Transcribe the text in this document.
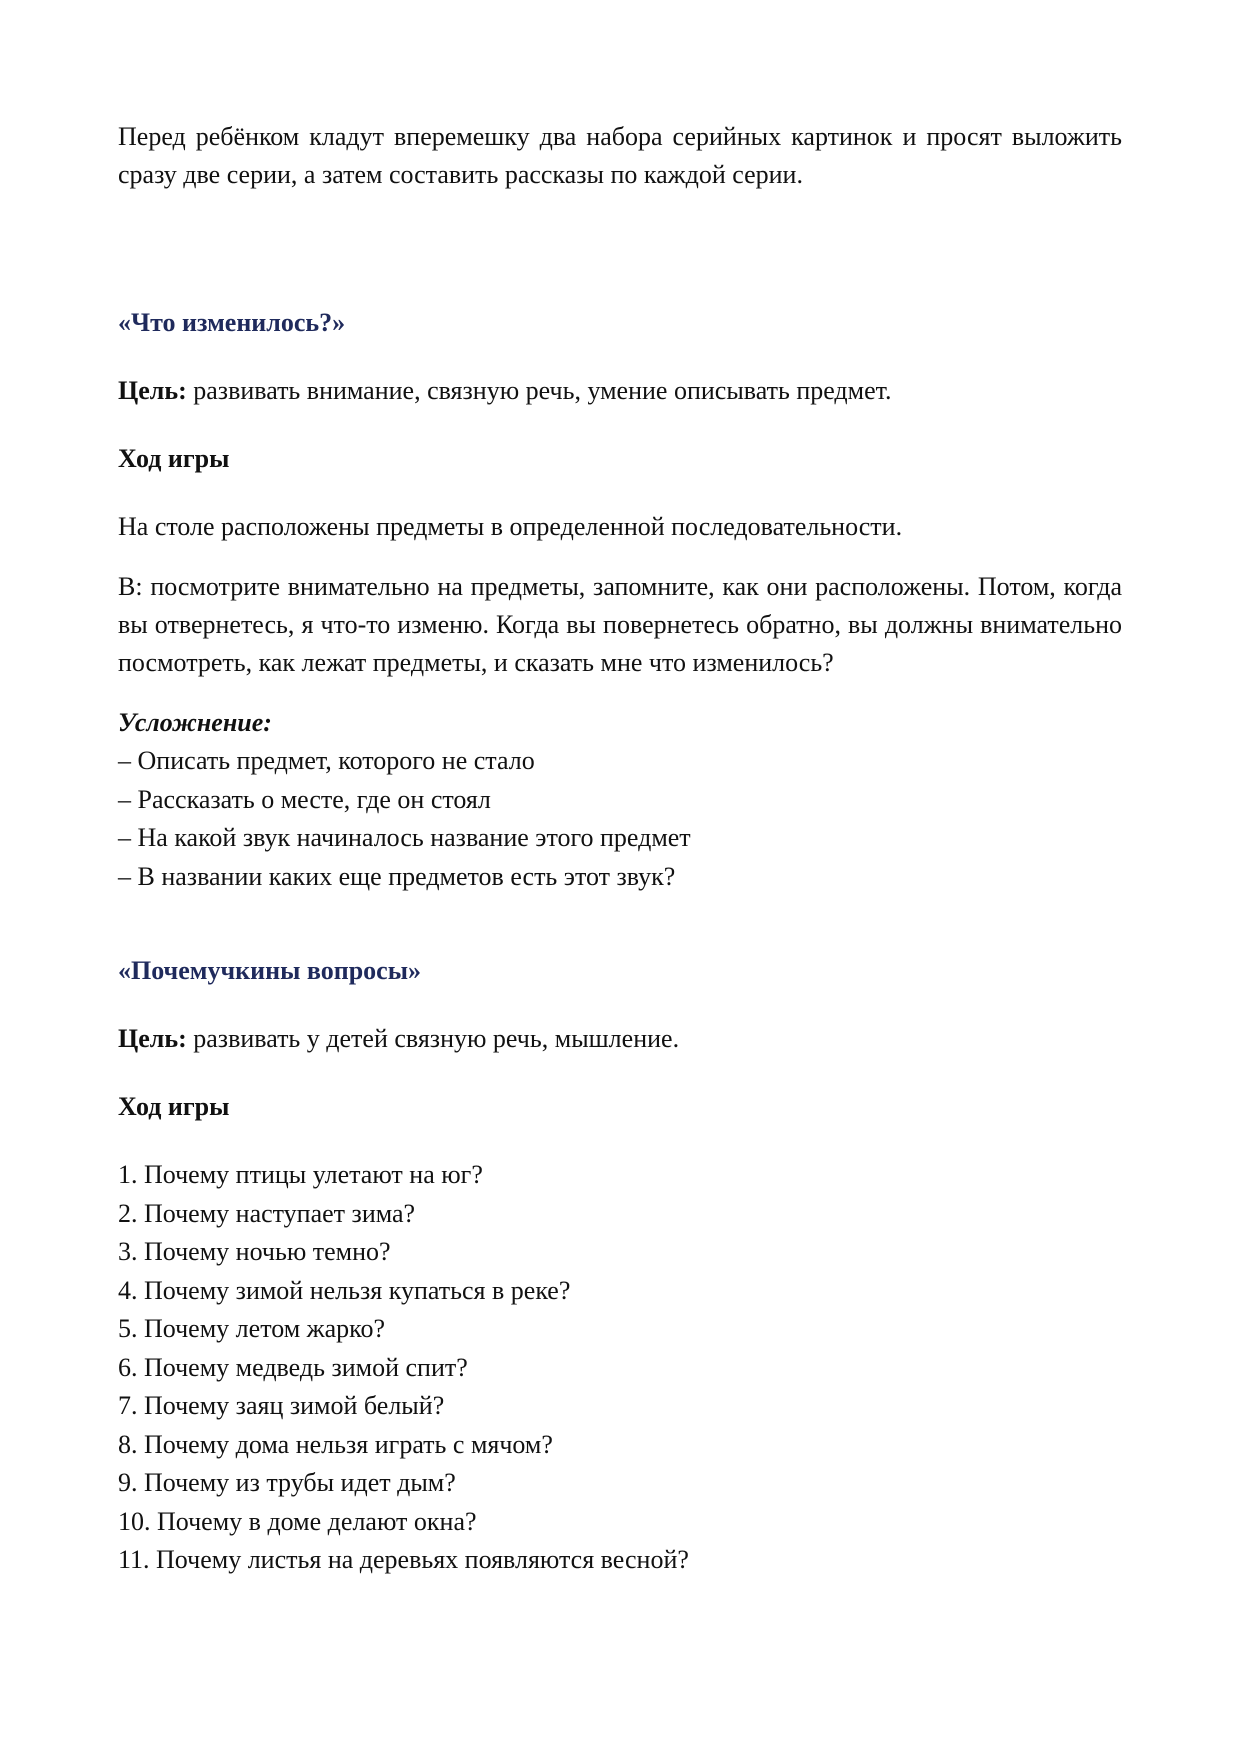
Перед ребёнком кладут вперемешку два набора серийных картинок и просят выложить сразу две серии, а затем составить рассказы по каждой серии.

«Что изменилось?»

Цель: развивать внимание, связную речь, умение описывать предмет.

Ход игры

На столе расположены предметы в определенной последовательности.

В: посмотрите внимательно на предметы, запомните, как они расположены. Потом, когда вы отвернетесь, я что-то изменю. Когда вы повернетесь обратно, вы должны внимательно посмотреть, как лежат предметы, и сказать мне что изменилось?

Усложнение:

– Описать предмет, которого не стало
– Рассказать о месте, где он стоял
– На какой звук начиналось название этого предмет
– В названии каких еще предметов есть этот звук?
«Почемучкины вопросы»

Цель: развивать у детей связную речь, мышление.

Ход игры

1. Почему птицы улетают на юг?
2. Почему наступает зима?
3. Почему ночью темно?
4. Почему зимой нельзя купаться в реке?
5. Почему летом жарко?
6. Почему медведь зимой спит?
7. Почему заяц зимой белый?
8. Почему дома нельзя играть с мячом?
9. Почему из трубы идет дым?
10. Почему в доме делают окна?
11. Почему листья на деревьях появляются весной?
